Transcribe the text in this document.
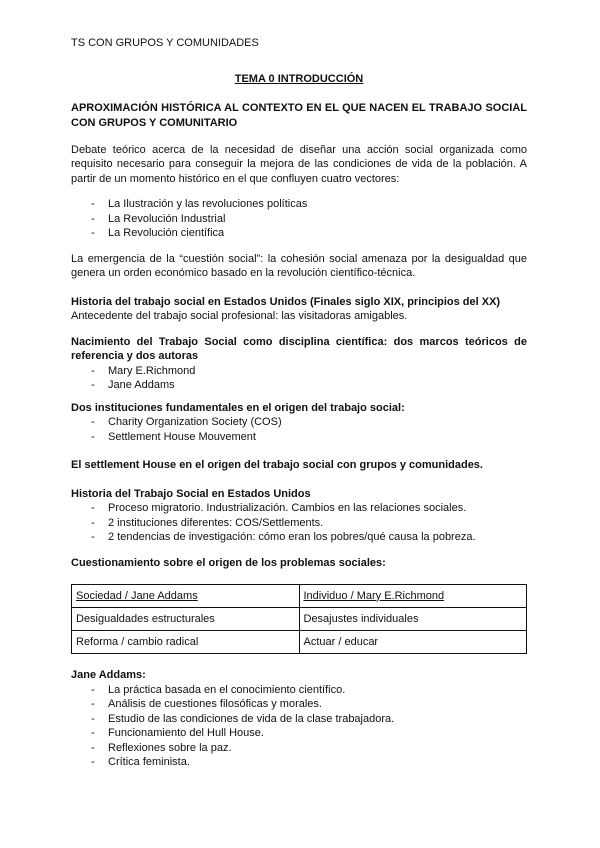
TS CON GRUPOS Y COMUNIDADES
TEMA 0 INTRODUCCIÓN
APROXIMACIÓN HISTÓRICA AL CONTEXTO EN EL QUE NACEN EL TRABAJO SOCIAL CON GRUPOS Y COMUNITARIO

Debate teórico acerca de la necesidad de diseñar una acción social organizada como requisito necesario para conseguir la mejora de las condiciones de vida de la población. A partir de un momento histórico en el que confluyen cuatro vectores:

- La Ilustración y las revoluciones políticas
- La Revolución Industrial
- La Revolución científica

La emergencia de la “cuestión social”: la cohesión social amenaza por la desigualdad que genera un orden económico basado en la revolución científico-técnica.

Historia del trabajo social en Estados Unidos (Finales siglo XIX, principios del XX)
Antecedente del trabajo social profesional: las visitadoras amigables.
Nacimiento del Trabajo Social como disciplina científica: dos marcos teóricos de referencia y dos autoras
- Mary E.Richmond
- Jane Addams
Dos instituciones fundamentales en el origen del trabajo social:
- Charity Organization Society (COS)
- Settlement House Mouvement
El settlement House en el origen del trabajo social con grupos y comunidades.
Historia del Trabajo Social en Estados Unidos
- Proceso migratorio. Industrialización. Cambios en las relaciones sociales.
- 2 instituciones diferentes: COS/Settlements.
- 2 tendencias de investigación: cómo eran los pobres/qué causa la pobreza.
Cuestionamiento sobre el origen de los problemas sociales:
Sociedad / Jane Addams	Individuo / Mary E.Richmond
Desigualdades estructurales	Desajustes individuales
Reforma / cambio radical	Actuar / educar
Jane Addams:
- La práctica basada en el conocimiento científico.
- Análisis de cuestiones filosóficas y morales.
- Estudio de las condiciones de vida de la clase trabajadora.
- Funcionamiento del Hull House.
- Reflexiones sobre la paz.
- Crítica feminista.
